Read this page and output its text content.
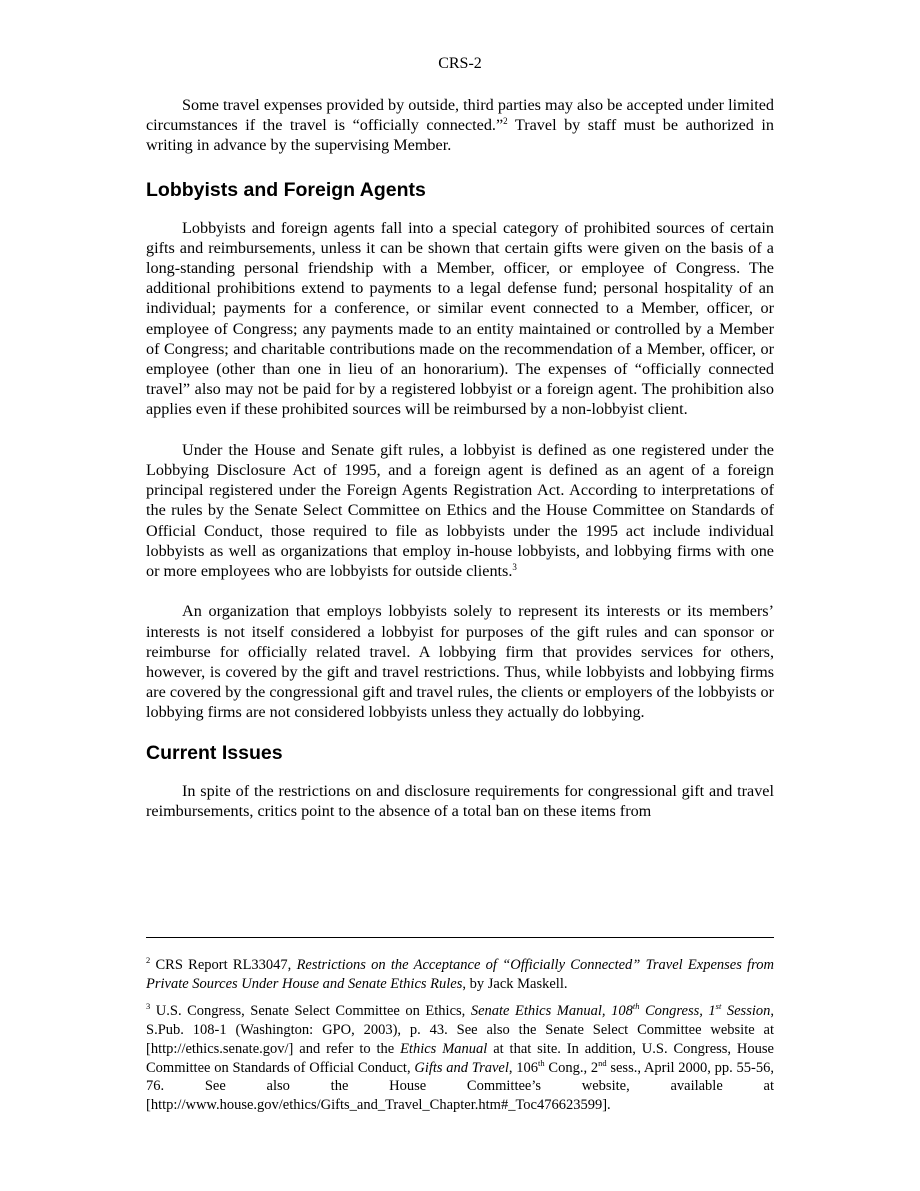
CRS-2

Some travel expenses provided by outside, third parties may also be accepted under limited circumstances if the travel is “officially connected.”$^2$ Travel by staff must be authorized in writing in advance by the supervising Member.

Lobbyists and Foreign Agents

Lobbyists and foreign agents fall into a special category of prohibited sources of certain gifts and reimbursements, unless it can be shown that certain gifts were given on the basis of a long-standing personal friendship with a Member, officer, or employee of Congress. The additional prohibitions extend to payments to a legal defense fund; personal hospitality of an individual; payments for a conference, or similar event connected to a Member, officer, or employee of Congress; any payments made to an entity maintained or controlled by a Member of Congress; and charitable contributions made on the recommendation of a Member, officer, or employee (other than one in lieu of an honorarium). The expenses of “officially connected travel” also may not be paid for by a registered lobbyist or a foreign agent. The prohibition also applies even if these prohibited sources will be reimbursed by a non-lobbyist client.

Under the House and Senate gift rules, a lobbyist is defined as one registered under the Lobbying Disclosure Act of 1995, and a foreign agent is defined as an agent of a foreign principal registered under the Foreign Agents Registration Act. According to interpretations of the rules by the Senate Select Committee on Ethics and the House Committee on Standards of Official Conduct, those required to file as lobbyists under the 1995 act include individual lobbyists as well as organizations that employ in-house lobbyists, and lobbying firms with one or more employees who are lobbyists for outside clients.$^3$

An organization that employs lobbyists solely to represent its interests or its members’ interests is not itself considered a lobbyist for purposes of the gift rules and can sponsor or reimburse for officially related travel. A lobbying firm that provides services for others, however, is covered by the gift and travel restrictions. Thus, while lobbyists and lobbying firms are covered by the congressional gift and travel rules, the clients or employers of the lobbyists or lobbying firms are not considered lobbyists unless they actually do lobbying.

Current Issues

In spite of the restrictions on and disclosure requirements for congressional gift and travel reimbursements, critics point to the absence of a total ban on these items from

$^2$ CRS Report RL33047, Restrictions on the Acceptance of “Officially Connected” Travel Expenses from Private Sources Under House and Senate Ethics Rules, by Jack Maskell.

$^3$ U.S. Congress, Senate Select Committee on Ethics, Senate Ethics Manual, 108th Congress, 1st Session, S.Pub. 108-1 (Washington: GPO, 2003), p. 43. See also the Senate Select Committee website at [http://ethics.senate.gov/] and refer to the Ethics Manual at that site. In addition, U.S. Congress, House Committee on Standards of Official Conduct, Gifts and Travel, 106th Cong., 2nd sess., April 2000, pp. 55-56, 76. See also the House Committee’s website, available at [http://www.house.gov/ethics/Gifts_and_Travel_Chapter.htm#_Toc476623599].
